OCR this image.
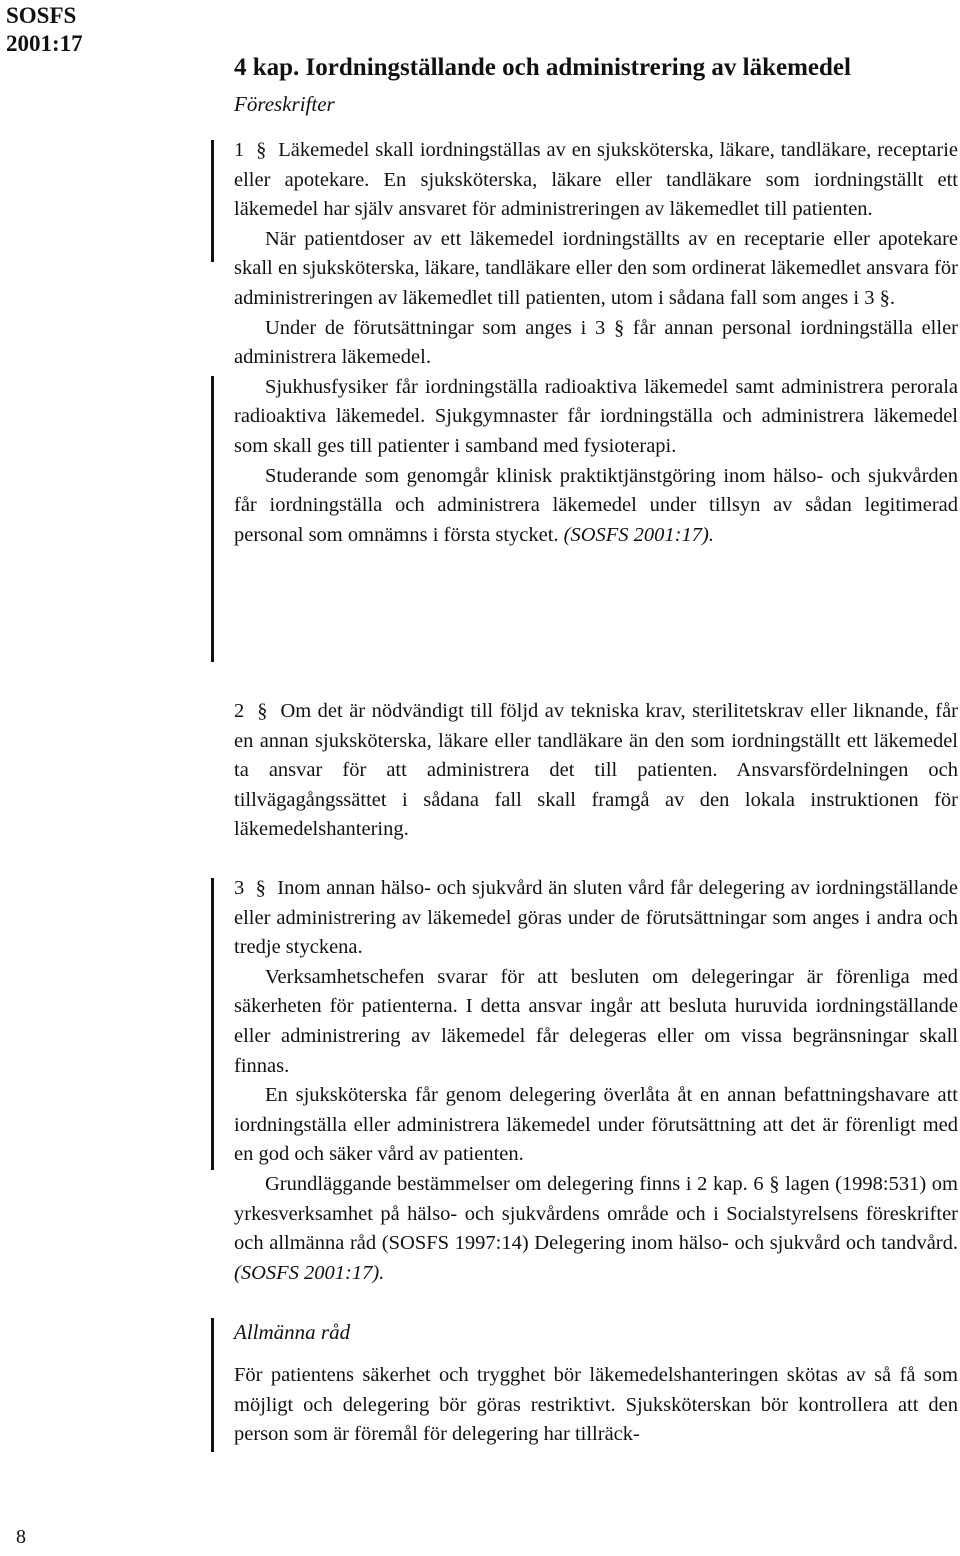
SOSFS
2001:17
4 kap. Iordningställande och administrering av läkemedel
Föreskrifter

1 § Läkemedel skall iordningställas av en sjuksköterska, läkare, tandläkare, receptarie eller apotekare. En sjuksköterska, läkare eller tandläkare som iordningställt ett läkemedel har själv ansvaret för administreringen av läkemedlet till patienten.

När patientdoser av ett läkemedel iordningställts av en receptarie eller apotekare skall en sjuksköterska, läkare, tandläkare eller den som ordinerat läkemedlet ansvara för administreringen av läkemedlet till patienten, utom i sådana fall som anges i 3 §.

Under de förutsättningar som anges i 3 § får annan personal iordningställa eller administrera läkemedel.

Sjukhusfysiker får iordningställa radioaktiva läkemedel samt administrera perorala radioaktiva läkemedel. Sjukgymnaster får iordningställa och administrera läkemedel som skall ges till patienter i samband med fysioterapi.

Studerande som genomgår klinisk praktiktjänstgöring inom hälso- och sjukvården får iordningställa och administrera läkemedel under tillsyn av sådan legitimerad personal som omnämns i första stycket. (SOSFS 2001:17).

2 § Om det är nödvändigt till följd av tekniska krav, sterilitetskrav eller liknande, får en annan sjuksköterska, läkare eller tandläkare än den som iordningställt ett läkemedel ta ansvar för att administrera det till patienten. Ansvarsfördelningen och tillvägagångssättet i sådana fall skall framgå av den lokala instruktionen för läkemedelshantering.

3 § Inom annan hälso- och sjukvård än sluten vård får delegering av iordningställande eller administrering av läkemedel göras under de förutsättningar som anges i andra och tredje styckena.

Verksamhetschefen svarar för att besluten om delegeringar är förenliga med säkerheten för patienterna. I detta ansvar ingår att besluta huruvida iordningställande eller administrering av läkemedel får delegeras eller om vissa begränsningar skall finnas.

En sjuksköterska får genom delegering överlåta åt en annan befattningshavare att iordningställa eller administrera läkemedel under förutsättning att det är förenligt med en god och säker vård av patienten.

Grundläggande bestämmelser om delegering finns i 2 kap. 6 § lagen (1998:531) om yrkesverksamhet på hälso- och sjukvårdens område och i Socialstyrelsens föreskrifter och allmänna råd (SOSFS 1997:14) Delegering inom hälso- och sjukvård och tandvård. (SOSFS 2001:17).

Allmänna råd

För patientens säkerhet och trygghet bör läkemedelshanteringen skötas av så få som möjligt och delegering bör göras restriktivt. Sjuksköterskan bör kontrollera att den person som är föremål för delegering har tillräck-

8
